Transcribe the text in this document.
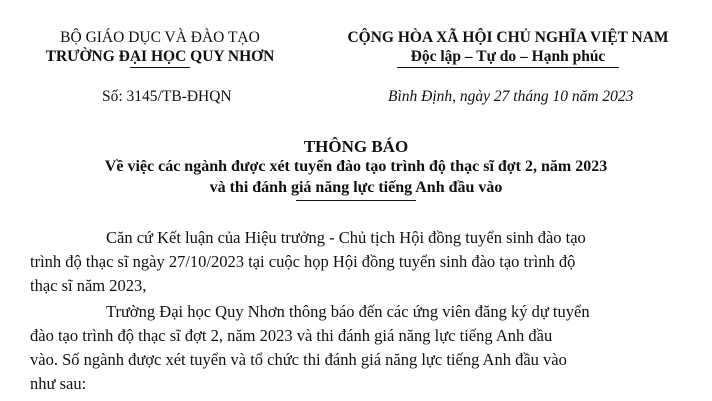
BỘ GIÁO DỤC VÀ ĐÀO TẠO
TRƯỜNG ĐẠI HỌC QUY NHƠN
CỘNG HÒA XÃ HỘI CHỦ NGHĨA VIỆT NAM
Độc lập – Tự do – Hạnh phúc
Số: 3145/TB-ĐHQN	Bình Định, ngày 27 tháng 10 năm 2023
THÔNG BÁO
Về việc các ngành được xét tuyển đào tạo trình độ thạc sĩ đợt 2, năm 2023
và thi đánh giá năng lực tiếng Anh đầu vào
Căn cứ Kết luận của Hiệu trưởng - Chủ tịch Hội đồng tuyển sinh đào tạo
trình độ thạc sĩ ngày 27/10/2023 tại cuộc họp Hội đồng tuyển sinh đào tạo trình độ
thạc sĩ năm 2023,
Trường Đại học Quy Nhơn thông báo đến các ứng viên đăng ký dự tuyển
đào tạo trình độ thạc sĩ đợt 2, năm 2023 và thi đánh giá năng lực tiếng Anh đầu
vào. Số ngành được xét tuyển và tổ chức thi đánh giá năng lực tiếng Anh đầu vào
như sau:
